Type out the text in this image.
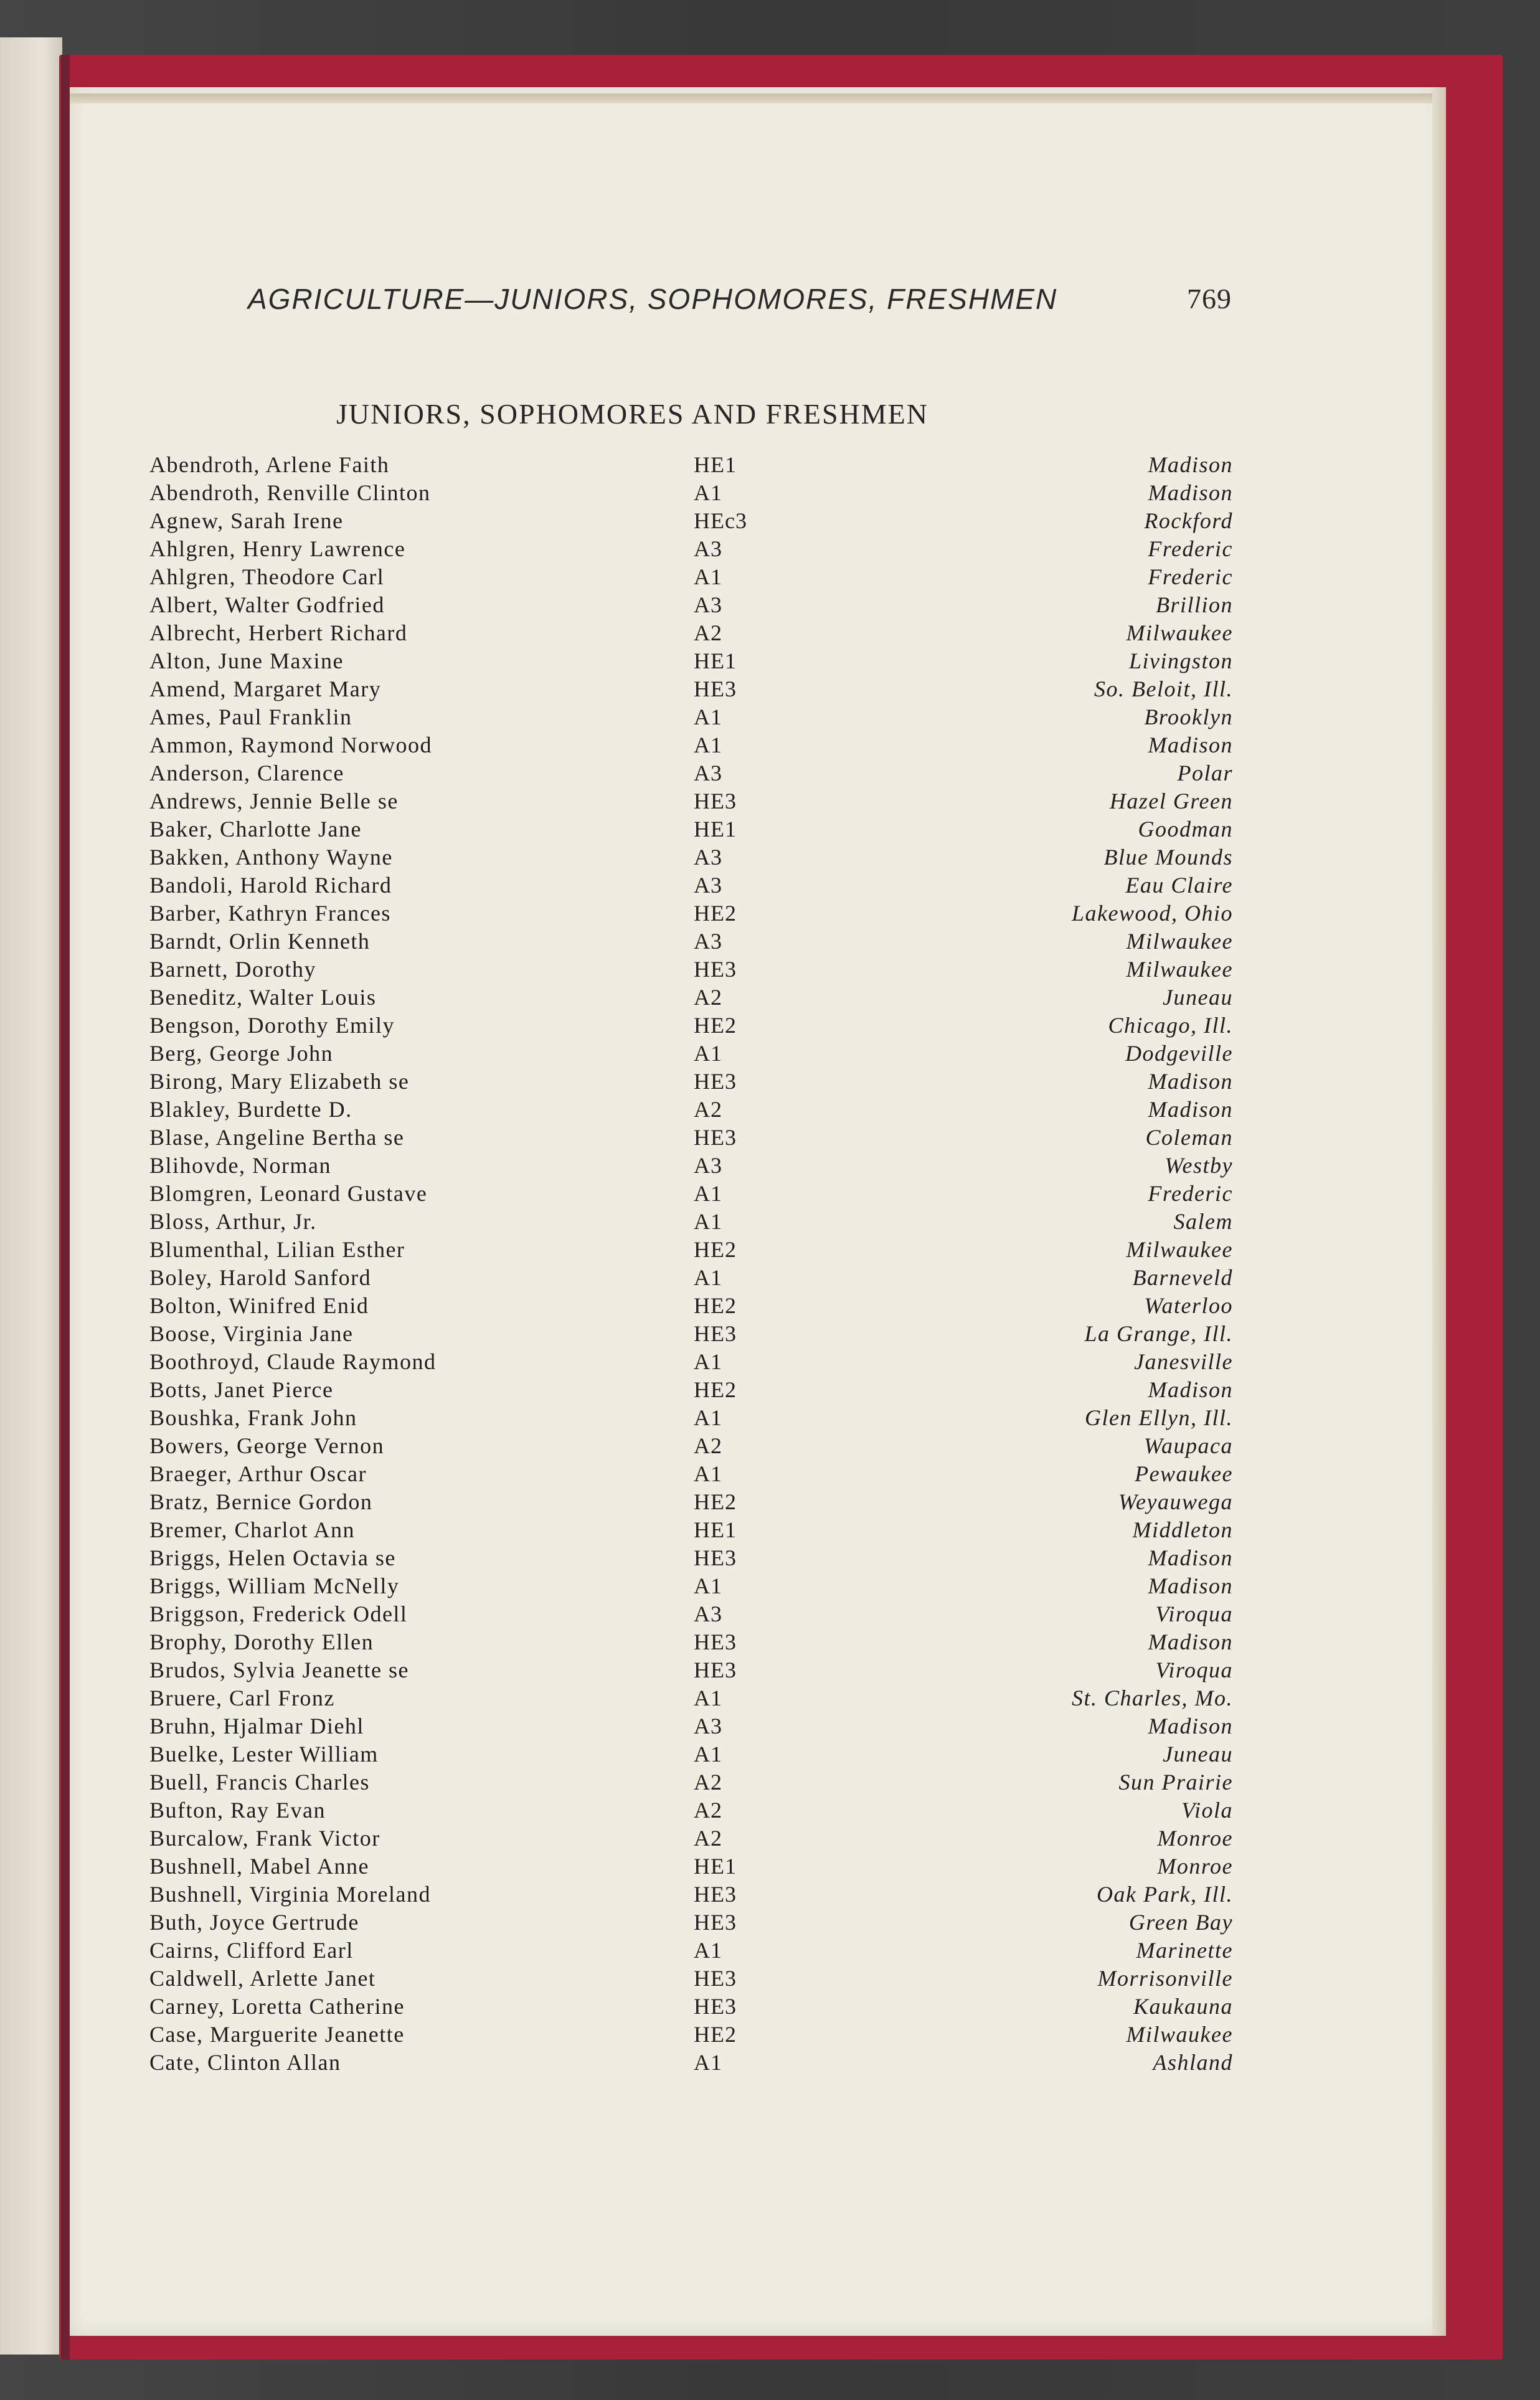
AGRICULTURE—JUNIORS, SOPHOMORES, FRESHMEN	769
JUNIORS, SOPHOMORES AND FRESHMEN
Abendroth, Arlene Faith	HE1	Madison
Abendroth, Renville Clinton	A1	Madison
Agnew, Sarah Irene	HEc3	Rockford
Ahlgren, Henry Lawrence	A3	Frederic
Ahlgren, Theodore Carl	A1	Frederic
Albert, Walter Godfried	A3	Brillion
Albrecht, Herbert Richard	A2	Milwaukee
Alton, June Maxine	HE1	Livingston
Amend, Margaret Mary	HE3	So. Beloit, Ill.
Ames, Paul Franklin	A1	Brooklyn
Ammon, Raymond Norwood	A1	Madison
Anderson, Clarence	A3	Polar
Andrews, Jennie Belle se	HE3	Hazel Green
Baker, Charlotte Jane	HE1	Goodman
Bakken, Anthony Wayne	A3	Blue Mounds
Bandoli, Harold Richard	A3	Eau Claire
Barber, Kathryn Frances	HE2	Lakewood, Ohio
Barndt, Orlin Kenneth	A3	Milwaukee
Barnett, Dorothy	HE3	Milwaukee
Beneditz, Walter Louis	A2	Juneau
Bengson, Dorothy Emily	HE2	Chicago, Ill.
Berg, George John	A1	Dodgeville
Birong, Mary Elizabeth se	HE3	Madison
Blakley, Burdette D.	A2	Madison
Blase, Angeline Bertha se	HE3	Coleman
Blihovde, Norman	A3	Westby
Blomgren, Leonard Gustave	A1	Frederic
Bloss, Arthur, Jr.	A1	Salem
Blumenthal, Lilian Esther	HE2	Milwaukee
Boley, Harold Sanford	A1	Barneveld
Bolton, Winifred Enid	HE2	Waterloo
Boose, Virginia Jane	HE3	La Grange, Ill.
Boothroyd, Claude Raymond	A1	Janesville
Botts, Janet Pierce	HE2	Madison
Boushka, Frank John	A1	Glen Ellyn, Ill.
Bowers, George Vernon	A2	Waupaca
Braeger, Arthur Oscar	A1	Pewaukee
Bratz, Bernice Gordon	HE2	Weyauwega
Bremer, Charlot Ann	HE1	Middleton
Briggs, Helen Octavia se	HE3	Madison
Briggs, William McNelly	A1	Madison
Briggson, Frederick Odell	A3	Viroqua
Brophy, Dorothy Ellen	HE3	Madison
Brudos, Sylvia Jeanette se	HE3	Viroqua
Bruere, Carl Fronz	A1	St. Charles, Mo.
Bruhn, Hjalmar Diehl	A3	Madison
Buelke, Lester William	A1	Juneau
Buell, Francis Charles	A2	Sun Prairie
Bufton, Ray Evan	A2	Viola
Burcalow, Frank Victor	A2	Monroe
Bushnell, Mabel Anne	HE1	Monroe
Bushnell, Virginia Moreland	HE3	Oak Park, Ill.
Buth, Joyce Gertrude	HE3	Green Bay
Cairns, Clifford Earl	A1	Marinette
Caldwell, Arlette Janet	HE3	Morrisonville
Carney, Loretta Catherine	HE3	Kaukauna
Case, Marguerite Jeanette	HE2	Milwaukee
Cate, Clinton Allan	A1	Ashland
